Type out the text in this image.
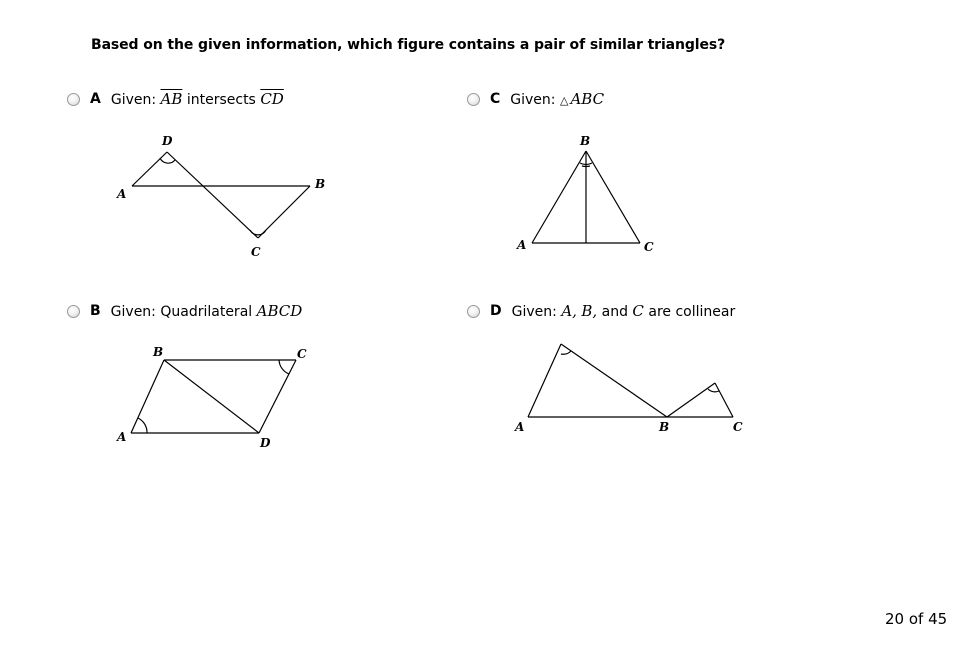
Based on the given information, which figure contains a pair of similar triangles?
A Given: $\overline{AB}$ intersects $\overline{CD}$
D
A
B
C
C Given: △ ABC
B
A	C
B Given: Quadrilateral ABCD
B	C
A	D
D Given: A, B, and C are collinear
A	B	C
20 of 45
